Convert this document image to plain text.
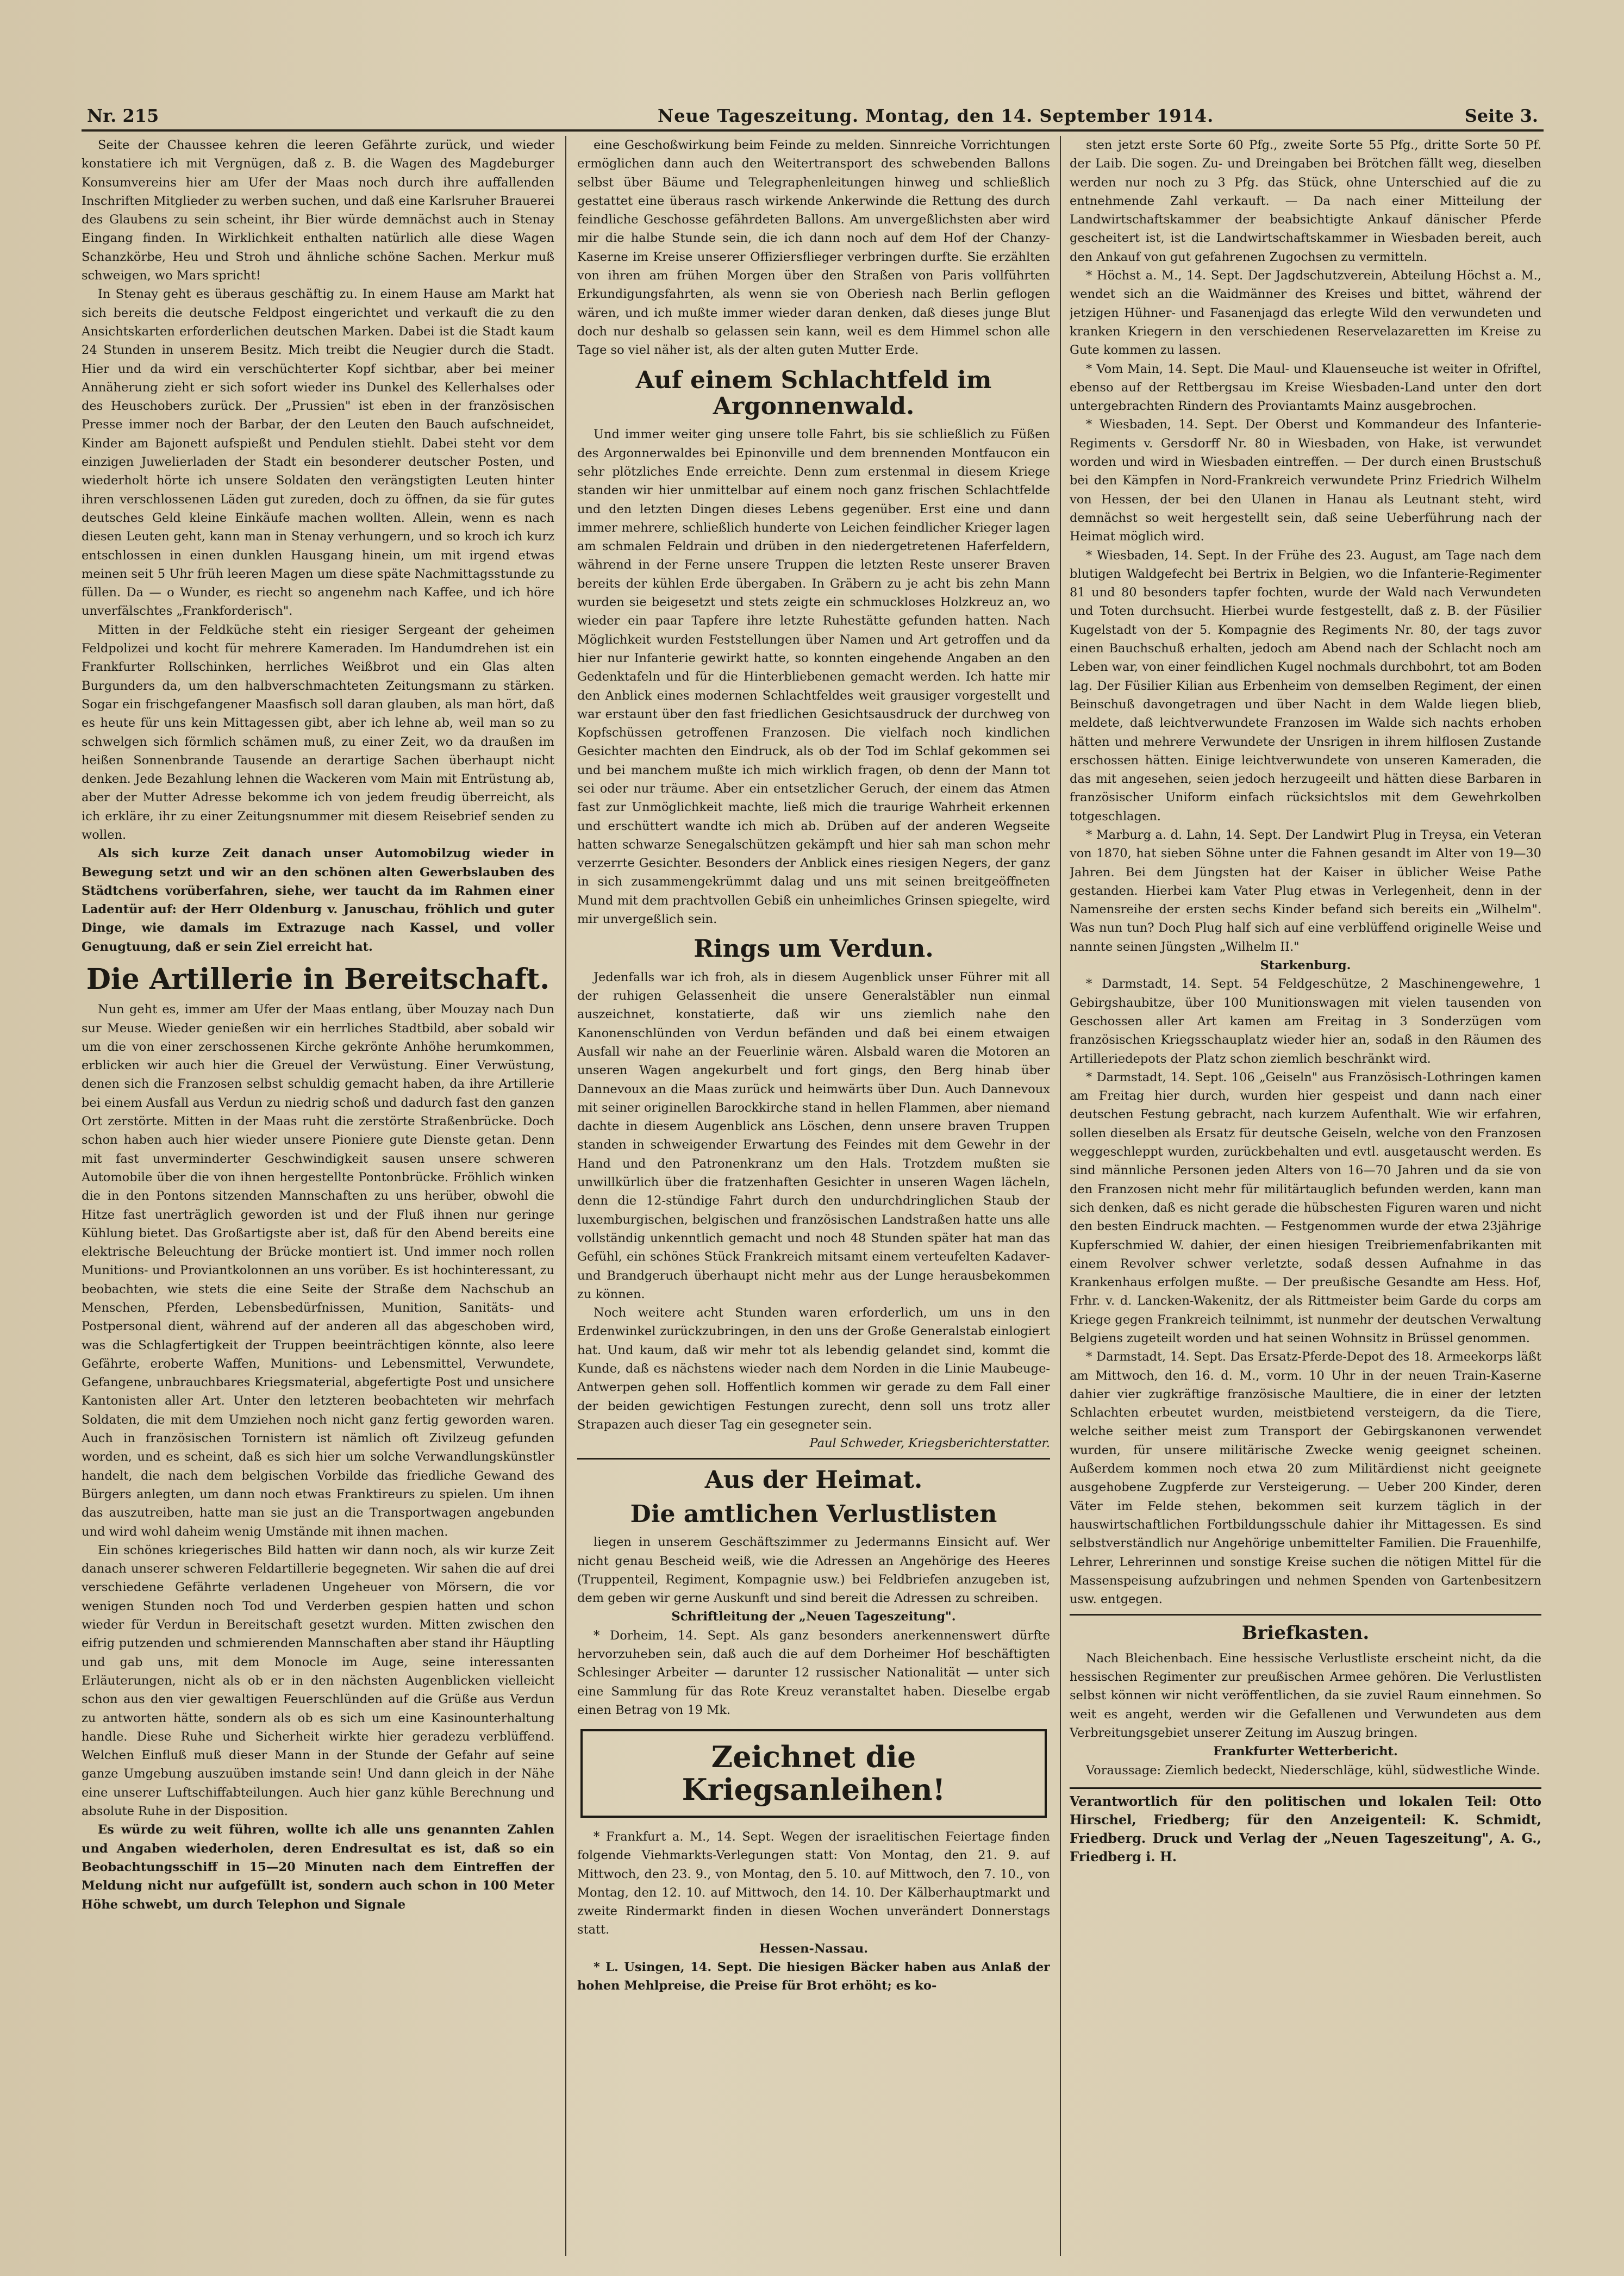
Nr. 215	Neue Tageszeitung. Montag, den 14. September 1914.	Seite 3.

Seite der Chaussee kehren die leeren Gefährte zurück, und wieder konstatiere ich mit Vergnügen, daß z. B. die Wagen des Magdeburger Konsumvereins hier am Ufer der Maas noch durch ihre auffallenden Inschriften Mitglieder zu werben suchen, und daß eine Karlsruher Brauerei des Glaubens zu sein scheint, ihr Bier würde demnächst auch in Stenay Eingang finden. In Wirklichkeit enthalten natürlich alle diese Wagen Schanzkörbe, Heu und Stroh und ähnliche schöne Sachen. Merkur muß schweigen, wo Mars spricht!

In Stenay geht es überaus geschäftig zu. In einem Hause am Markt hat sich bereits die deutsche Feldpost eingerichtet und verkauft die zu den Ansichtskarten erforderlichen deutschen Marken. Dabei ist die Stadt kaum 24 Stunden in unserem Besitz. Mich treibt die Neugier durch die Stadt. Hier und da wird ein verschüchterter Kopf sichtbar, aber bei meiner Annäherung zieht er sich sofort wieder ins Dunkel des Kellerhalses oder des Heuschobers zurück. Der „Prussien" ist eben in der französischen Presse immer noch der Barbar, der den Leuten den Bauch aufschneidet, Kinder am Bajonett aufspießt und Pendulen stiehlt. Dabei steht vor dem einzigen Juwelierladen der Stadt ein besonderer deutscher Posten, und wiederholt hörte ich unsere Soldaten den verängstigten Leuten hinter ihren verschlossenen Läden gut zureden, doch zu öffnen, da sie für gutes deutsches Geld kleine Einkäufe machen wollten. Allein, wenn es nach diesen Leuten geht, kann man in Stenay verhungern, und so kroch ich kurz entschlossen in einen dunklen Hausgang hinein, um mit irgend etwas meinen seit 5 Uhr früh leeren Magen um diese späte Nachmittagsstunde zu füllen. Da — o Wunder, es riecht so angenehm nach Kaffee, und ich höre unverfälschtes „Frankforderisch".

Mitten in der Feldküche steht ein riesiger Sergeant der geheimen Feldpolizei und kocht für mehrere Kameraden. Im Handumdrehen ist ein Frankfurter Rollschinken, herrliches Weißbrot und ein Glas alten Burgunders da, um den halbverschmachteten Zeitungsmann zu stärken. Sogar ein frischgefangener Maasfisch soll daran glauben, als man hört, daß es heute für uns kein Mittagessen gibt, aber ich lehne ab, weil man so zu schwelgen sich förmlich schämen muß, zu einer Zeit, wo da draußen im heißen Sonnenbrande Tausende an derartige Sachen überhaupt nicht denken. Jede Bezahlung lehnen die Wackeren vom Main mit Entrüstung ab, aber der Mutter Adresse bekomme ich von jedem freudig überreicht, als ich erkläre, ihr zu einer Zeitungsnummer mit diesem Reisebrief senden zu wollen.

Als sich kurze Zeit danach unser Automobilzug wieder in Bewegung setzt und wir an den schönen alten Gewerbslauben des Städtchens vorüberfahren, siehe, wer taucht da im Rahmen einer Ladentür auf: der Herr Oldenburg v. Januschau, fröhlich und guter Dinge, wie damals im Extrazuge nach Kassel, und voller Genugtuung, daß er sein Ziel erreicht hat.

Die Artillerie in Bereitschaft.

Nun geht es, immer am Ufer der Maas entlang, über Mouzay nach Dun sur Meuse. Wieder genießen wir ein herrliches Stadtbild, aber sobald wir um die von einer zerschossenen Kirche gekrönte Anhöhe herumkommen, erblicken wir auch hier die Greuel der Verwüstung. Einer Verwüstung, denen sich die Franzosen selbst schuldig gemacht haben, da ihre Artillerie bei einem Ausfall aus Verdun zu niedrig schoß und dadurch fast den ganzen Ort zerstörte. Mitten in der Maas ruht die zerstörte Straßenbrücke. Doch schon haben auch hier wieder unsere Pioniere gute Dienste getan. Denn mit fast unverminderter Geschwindigkeit sausen unsere schweren Automobile über die von ihnen hergestellte Pontonbrücke. Fröhlich winken die in den Pontons sitzenden Mannschaften zu uns herüber, obwohl die Hitze fast unerträglich geworden ist und der Fluß ihnen nur geringe Kühlung bietet. Das Großartigste aber ist, daß für den Abend bereits eine elektrische Beleuchtung der Brücke montiert ist. Und immer noch rollen Munitions- und Proviantkolonnen an uns vorüber. Es ist hochinteressant, zu beobachten, wie stets die eine Seite der Straße dem Nachschub an Menschen, Pferden, Lebensbedürfnissen, Munition, Sanitäts- und Postpersonal dient, während auf der anderen all das abgeschoben wird, was die Schlagfertigkeit der Truppen beeinträchtigen könnte, also leere Gefährte, eroberte Waffen, Munitions- und Lebensmittel, Verwundete, Gefangene, unbrauchbares Kriegsmaterial, abgefertigte Post und unsichere Kantonisten aller Art. Unter den letzteren beobachteten wir mehrfach Soldaten, die mit dem Umziehen noch nicht ganz fertig geworden waren. Auch in französischen Tornistern ist nämlich oft Zivilzeug gefunden worden, und es scheint, daß es sich hier um solche Verwandlungskünstler handelt, die nach dem belgischen Vorbilde das friedliche Gewand des Bürgers anlegten, um dann noch etwas Franktireurs zu spielen. Um ihnen das auszutreiben, hatte man sie just an die Transportwagen angebunden und wird wohl daheim wenig Umstände mit ihnen machen.

Ein schönes kriegerisches Bild hatten wir dann noch, als wir kurze Zeit danach unserer schweren Feldartillerie begegneten. Wir sahen die auf drei verschiedene Gefährte verladenen Ungeheuer von Mörsern, die vor wenigen Stunden noch Tod und Verderben gespien hatten und schon wieder für Verdun in Bereitschaft gesetzt wurden. Mitten zwischen den eifrig putzenden und schmierenden Mannschaften aber stand ihr Häuptling und gab uns, mit dem Monocle im Auge, seine interessanten Erläuterungen, nicht als ob er in den nächsten Augenblicken vielleicht schon aus den vier gewaltigen Feuerschlünden auf die Grüße aus Verdun zu antworten hätte, sondern als ob es sich um eine Kasinounterhaltung handle. Diese Ruhe und Sicherheit wirkte hier geradezu verblüffend. Welchen Einfluß muß dieser Mann in der Stunde der Gefahr auf seine ganze Umgebung auszuüben imstande sein! Und dann gleich in der Nähe eine unserer Luftschiffabteilungen. Auch hier ganz kühle Berechnung und absolute Ruhe in der Disposition.

Es würde zu weit führen, wollte ich alle uns genannten Zahlen und Angaben wiederholen, deren Endresultat es ist, daß so ein Beobachtungsschiff in 15—20 Minuten nach dem Eintreffen der Meldung nicht nur aufgefüllt ist, sondern auch schon in 100 Meter Höhe schwebt, um durch Telephon und Signale

eine Geschoßwirkung beim Feinde zu melden. Sinnreiche Vorrichtungen ermöglichen dann auch den Weitertransport des schwebenden Ballons selbst über Bäume und Telegraphenleitungen hinweg und schließlich gestattet eine überaus rasch wirkende Ankerwinde die Rettung des durch feindliche Geschosse gefährdeten Ballons. Am unvergeßlichsten aber wird mir die halbe Stunde sein, die ich dann noch auf dem Hof der Chanzy-Kaserne im Kreise unserer Offiziersflieger verbringen durfte. Sie erzählten von ihren am frühen Morgen über den Straßen von Paris vollführten Erkundigungsfahrten, als wenn sie von Oberiesh nach Berlin geflogen wären, und ich mußte immer wieder daran denken, daß dieses junge Blut doch nur deshalb so gelassen sein kann, weil es dem Himmel schon alle Tage so viel näher ist, als der alten guten Mutter Erde.

Auf einem Schlachtfeld im Argonnenwald.

Und immer weiter ging unsere tolle Fahrt, bis sie schließlich zu Füßen des Argonnerwaldes bei Epinonville und dem brennenden Montfaucon ein sehr plötzliches Ende erreichte. Denn zum erstenmal in diesem Kriege standen wir hier unmittelbar auf einem noch ganz frischen Schlachtfelde und den letzten Dingen dieses Lebens gegenüber. Erst eine und dann immer mehrere, schließlich hunderte von Leichen feindlicher Krieger lagen am schmalen Feldrain und drüben in den niedergetretenen Haferfeldern, während in der Ferne unsere Truppen die letzten Reste unserer Braven bereits der kühlen Erde übergaben. In Gräbern zu je acht bis zehn Mann wurden sie beigesetzt und stets zeigte ein schmuckloses Holzkreuz an, wo wieder ein paar Tapfere ihre letzte Ruhestätte gefunden hatten. Nach Möglichkeit wurden Feststellungen über Namen und Art getroffen und da hier nur Infanterie gewirkt hatte, so konnten eingehende Angaben an den Gedenktafeln und für die Hinterbliebenen gemacht werden. Ich hatte mir den Anblick eines modernen Schlachtfeldes weit grausiger vorgestellt und war erstaunt über den fast friedlichen Gesichtsausdruck der durchweg von Kopfschüssen getroffenen Franzosen. Die vielfach noch kindlichen Gesichter machten den Eindruck, als ob der Tod im Schlaf gekommen sei und bei manchem mußte ich mich wirklich fragen, ob denn der Mann tot sei oder nur träume. Aber ein entsetzlicher Geruch, der einem das Atmen fast zur Unmöglichkeit machte, ließ mich die traurige Wahrheit erkennen und erschüttert wandte ich mich ab. Drüben auf der anderen Wegseite hatten schwarze Senegalschützen gekämpft und hier sah man schon mehr verzerrte Gesichter. Besonders der Anblick eines riesigen Negers, der ganz in sich zusammengekrümmt dalag und uns mit seinen breitgeöffneten Mund mit dem prachtvollen Gebiß ein unheimliches Grinsen spiegelte, wird mir unvergeßlich sein.

Rings um Verdun.

Jedenfalls war ich froh, als in diesem Augenblick unser Führer mit all der ruhigen Gelassenheit die unsere Generalstäbler nun einmal auszeichnet, konstatierte, daß wir uns ziemlich nahe den Kanonenschlünden von Verdun befänden und daß bei einem etwaigen Ausfall wir nahe an der Feuerlinie wären. Alsbald waren die Motoren an unseren Wagen angekurbelt und fort gings, den Berg hinab über Dannevoux an die Maas zurück und heimwärts über Dun. Auch Dannevoux mit seiner originellen Barockkirche stand in hellen Flammen, aber niemand dachte in diesem Augenblick ans Löschen, denn unsere braven Truppen standen in schweigender Erwartung des Feindes mit dem Gewehr in der Hand und den Patronenkranz um den Hals. Trotzdem mußten sie unwillkürlich über die fratzenhaften Gesichter in unseren Wagen lächeln, denn die 12-stündige Fahrt durch den undurchdringlichen Staub der luxemburgischen, belgischen und französischen Landstraßen hatte uns alle vollständig unkenntlich gemacht und noch 48 Stunden später hat man das Gefühl, ein schönes Stück Frankreich mitsamt einem verteufelten Kadaver- und Brandgeruch überhaupt nicht mehr aus der Lunge herausbekommen zu können.

Noch weitere acht Stunden waren erforderlich, um uns in den Erdenwinkel zurückzubringen, in den uns der Große Generalstab einlogiert hat. Und kaum, daß wir mehr tot als lebendig gelandet sind, kommt die Kunde, daß es nächstens wieder nach dem Norden in die Linie Maubeuge-Antwerpen gehen soll. Hoffentlich kommen wir gerade zu dem Fall einer der beiden gewichtigen Festungen zurecht, denn soll uns trotz aller Strapazen auch dieser Tag ein gesegneter sein.

Paul Schweder, Kriegsberichterstatter.

Aus der Heimat.
Die amtlichen Verlustlisten

liegen in unserem Geschäftszimmer zu Jedermanns Einsicht auf. Wer nicht genau Bescheid weiß, wie die Adressen an Angehörige des Heeres (Truppenteil, Regiment, Kompagnie usw.) bei Feldbriefen anzugeben ist, dem geben wir gerne Auskunft und sind bereit die Adressen zu schreiben.

Schriftleitung der „Neuen Tageszeitung".

* Dorheim, 14. Sept. Als ganz besonders anerkennenswert dürfte hervorzuheben sein, daß auch die auf dem Dorheimer Hof beschäftigten Schlesinger Arbeiter — darunter 12 russischer Nationalität — unter sich eine Sammlung für das Rote Kreuz veranstaltet haben. Dieselbe ergab einen Betrag von 19 Mk.

Zeichnet die Kriegsanleihen!

* Frankfurt a. M., 14. Sept. Wegen der israelitischen Feiertage finden folgende Viehmarkts-Verlegungen statt: Von Montag, den 21. 9. auf Mittwoch, den 23. 9., von Montag, den 5. 10. auf Mittwoch, den 7. 10., von Montag, den 12. 10. auf Mittwoch, den 14. 10. Der Kälberhauptmarkt und zweite Rindermarkt finden in diesen Wochen unverändert Donnerstags statt.

Hessen-Nassau.

* L. Usingen, 14. Sept. Die hiesigen Bäcker haben aus Anlaß der hohen Mehlpreise, die Preise für Brot erhöht; es ko-

sten jetzt erste Sorte 60 Pfg., zweite Sorte 55 Pfg., dritte Sorte 50 Pf. der Laib. Die sogen. Zu- und Dreingaben bei Brötchen fällt weg, dieselben werden nur noch zu 3 Pfg. das Stück, ohne Unterschied auf die zu entnehmende Zahl verkauft. — Da nach einer Mitteilung der Landwirtschaftskammer der beabsichtigte Ankauf dänischer Pferde gescheitert ist, ist die Landwirtschaftskammer in Wiesbaden bereit, auch den Ankauf von gut gefahrenen Zugochsen zu vermitteln.

* Höchst a. M., 14. Sept. Der Jagdschutzverein, Abteilung Höchst a. M., wendet sich an die Waidmänner des Kreises und bittet, während der jetzigen Hühner- und Fasanenjagd das erlegte Wild den verwundeten und kranken Kriegern in den verschiedenen Reservelazaretten im Kreise zu Gute kommen zu lassen.

* Vom Main, 14. Sept. Die Maul- und Klauenseuche ist weiter in Ofriftel, ebenso auf der Rettbergsau im Kreise Wiesbaden-Land unter den dort untergebrachten Rindern des Proviantamts Mainz ausgebrochen.

* Wiesbaden, 14. Sept. Der Oberst und Kommandeur des Infanterie-Regiments v. Gersdorff Nr. 80 in Wiesbaden, von Hake, ist verwundet worden und wird in Wiesbaden eintreffen. — Der durch einen Brustschuß bei den Kämpfen in Nord-Frankreich verwundete Prinz Friedrich Wilhelm von Hessen, der bei den Ulanen in Hanau als Leutnant steht, wird demnächst so weit hergestellt sein, daß seine Ueberführung nach der Heimat möglich wird.

* Wiesbaden, 14. Sept. In der Frühe des 23. August, am Tage nach dem blutigen Waldgefecht bei Bertrix in Belgien, wo die Infanterie-Regimenter 81 und 80 besonders tapfer fochten, wurde der Wald nach Verwundeten und Toten durchsucht. Hierbei wurde festgestellt, daß z. B. der Füsilier Kugelstadt von der 5. Kompagnie des Regiments Nr. 80, der tags zuvor einen Bauchschuß erhalten, jedoch am Abend nach der Schlacht noch am Leben war, von einer feindlichen Kugel nochmals durchbohrt, tot am Boden lag. Der Füsilier Kilian aus Erbenheim von demselben Regiment, der einen Beinschuß davongetragen und über Nacht in dem Walde liegen blieb, meldete, daß leichtverwundete Franzosen im Walde sich nachts erhoben hätten und mehrere Verwundete der Unsrigen in ihrem hilflosen Zustande erschossen hätten. Einige leichtverwundete von unseren Kameraden, die das mit angesehen, seien jedoch herzugeeilt und hätten diese Barbaren in französischer Uniform einfach rücksichtslos mit dem Gewehrkolben totgeschlagen.

* Marburg a. d. Lahn, 14. Sept. Der Landwirt Plug in Treysa, ein Veteran von 1870, hat sieben Söhne unter die Fahnen gesandt im Alter von 19—30 Jahren. Bei dem Jüngsten hat der Kaiser in üblicher Weise Pathe gestanden. Hierbei kam Vater Plug etwas in Verlegenheit, denn in der Namensreihe der ersten sechs Kinder befand sich bereits ein „Wilhelm". Was nun tun? Doch Plug half sich auf eine verblüffend originelle Weise und nannte seinen Jüngsten „Wilhelm II."

Starkenburg.

* Darmstadt, 14. Sept. 54 Feldgeschütze, 2 Maschinengewehre, 1 Gebirgshaubitze, über 100 Munitionswagen mit vielen tausenden von Geschossen aller Art kamen am Freitag in 3 Sonderzügen vom französischen Kriegsschauplatz wieder hier an, sodaß in den Räumen des Artilleriedepots der Platz schon ziemlich beschränkt wird.

* Darmstadt, 14. Sept. 106 „Geiseln" aus Französisch-Lothringen kamen am Freitag hier durch, wurden hier gespeist und dann nach einer deutschen Festung gebracht, nach kurzem Aufenthalt. Wie wir erfahren, sollen dieselben als Ersatz für deutsche Geiseln, welche von den Franzosen weggeschleppt wurden, zurückbehalten und evtl. ausgetauscht werden. Es sind männliche Personen jeden Alters von 16—70 Jahren und da sie von den Franzosen nicht mehr für militärtauglich befunden werden, kann man sich denken, daß es nicht gerade die hübschesten Figuren waren und nicht den besten Eindruck machten. — Festgenommen wurde der etwa 23jährige Kupferschmied W. dahier, der einen hiesigen Treibriemenfabrikanten mit einem Revolver schwer verletzte, sodaß dessen Aufnahme in das Krankenhaus erfolgen mußte. — Der preußische Gesandte am Hess. Hof, Frhr. v. d. Lancken-Wakenitz, der als Rittmeister beim Garde du corps am Kriege gegen Frankreich teilnimmt, ist nunmehr der deutschen Verwaltung Belgiens zugeteilt worden und hat seinen Wohnsitz in Brüssel genommen.

* Darmstadt, 14. Sept. Das Ersatz-Pferde-Depot des 18. Armeekorps läßt am Mittwoch, den 16. d. M., vorm. 10 Uhr in der neuen Train-Kaserne dahier vier zugkräftige französische Maultiere, die in einer der letzten Schlachten erbeutet wurden, meistbietend versteigern, da die Tiere, welche seither meist zum Transport der Gebirgskanonen verwendet wurden, für unsere militärische Zwecke wenig geeignet scheinen. Außerdem kommen noch etwa 20 zum Militärdienst nicht geeignete ausgehobene Zugpferde zur Versteigerung. — Ueber 200 Kinder, deren Väter im Felde stehen, bekommen seit kurzem täglich in der hauswirtschaftlichen Fortbildungsschule dahier ihr Mittagessen. Es sind selbstverständlich nur Angehörige unbemittelter Familien. Die Frauenhilfe, Lehrer, Lehrerinnen und sonstige Kreise suchen die nötigen Mittel für die Massenspeisung aufzubringen und nehmen Spenden von Gartenbesitzern usw. entgegen.

Briefkasten.

Nach Bleichenbach. Eine hessische Verlustliste erscheint nicht, da die hessischen Regimenter zur preußischen Armee gehören. Die Verlustlisten selbst können wir nicht veröffentlichen, da sie zuviel Raum einnehmen. So weit es angeht, werden wir die Gefallenen und Verwundeten aus dem Verbreitungsgebiet unserer Zeitung im Auszug bringen.

Frankfurter Wetterbericht.

Voraussage: Ziemlich bedeckt, Niederschläge, kühl, südwestliche Winde.

Verantwortlich für den politischen und lokalen Teil: Otto Hirschel, Friedberg; für den Anzeigenteil: K. Schmidt, Friedberg. Druck und Verlag der „Neuen Tageszeitung", A. G., Friedberg i. H.
